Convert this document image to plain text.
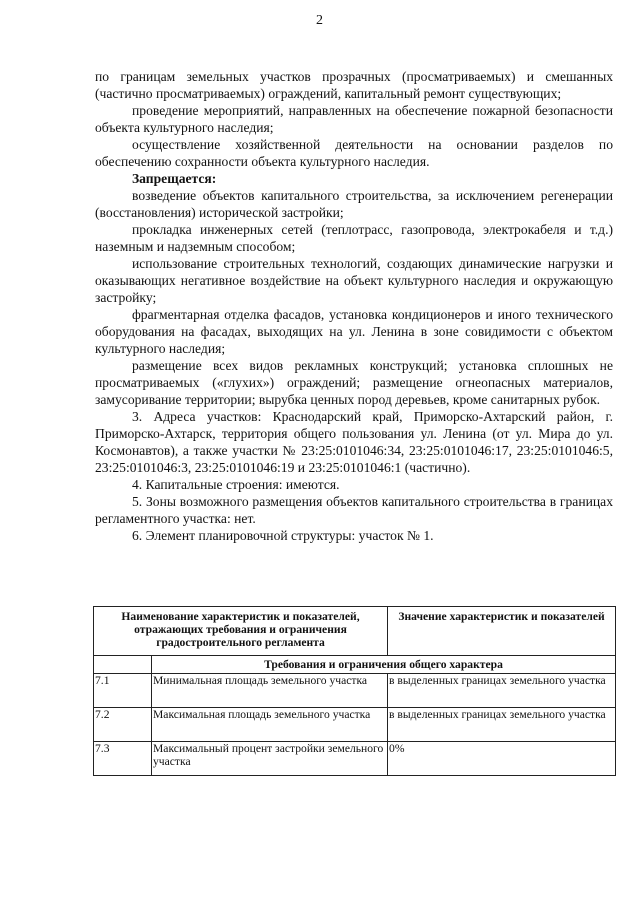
2

по границам земельных участков прозрачных (просматриваемых) и смешанных (частично просматриваемых) ограждений, капитальный ремонт существующих;

проведение мероприятий, направленных на обеспечение пожарной безопасности объекта культурного наследия;

осуществление хозяйственной деятельности на основании разделов по обеспечению сохранности объекта культурного наследия.

Запрещается:

возведение объектов капитального строительства, за исключением регенерации (восстановления) исторической застройки;

прокладка инженерных сетей (теплотрасс, газопровода, электрокабеля и т.д.) наземным и надземным способом;

использование строительных технологий, создающих динамические нагрузки и оказывающих негативное воздействие на объект культурного наследия и окружающую застройку;

фрагментарная отделка фасадов, установка кондиционеров и иного технического оборудования на фасадах, выходящих на ул. Ленина в зоне совидимости с объектом культурного наследия;

размещение всех видов рекламных конструкций; установка сплошных не просматриваемых («глухих») ограждений; размещение огнеопасных материалов, замусоривание территории; вырубка ценных пород деревьев, кроме санитарных рубок.

3. Адреса участков: Краснодарский край, Приморско-Ахтарский район, г. Приморско-Ахтарск, территория общего пользования ул. Ленина (от ул. Мира до ул. Космонавтов), а также участки № 23:25:0101046:34, 23:25:0101046:17, 23:25:0101046:5, 23:25:0101046:3, 23:25:0101046:19 и 23:25:0101046:1 (частично).

4. Капитальные строения: имеются.

5. Зоны возможного размещения объектов капитального строительства в границах регламентного участка: нет.

6. Элемент планировочной структуры: участок № 1.

Наименование характеристик и показателей, отражающих требования и ограничения градостроительного регламента		Значение характеристик и показателей
	Требования и ограничения общего характера	
7.1	Минимальная площадь земельного участка	в выделенных границах земельного участка
7.2	Максимальная площадь земельного участка	в выделенных границах земельного участка
7.3	Максимальный процент застройки земельного участка	0%
